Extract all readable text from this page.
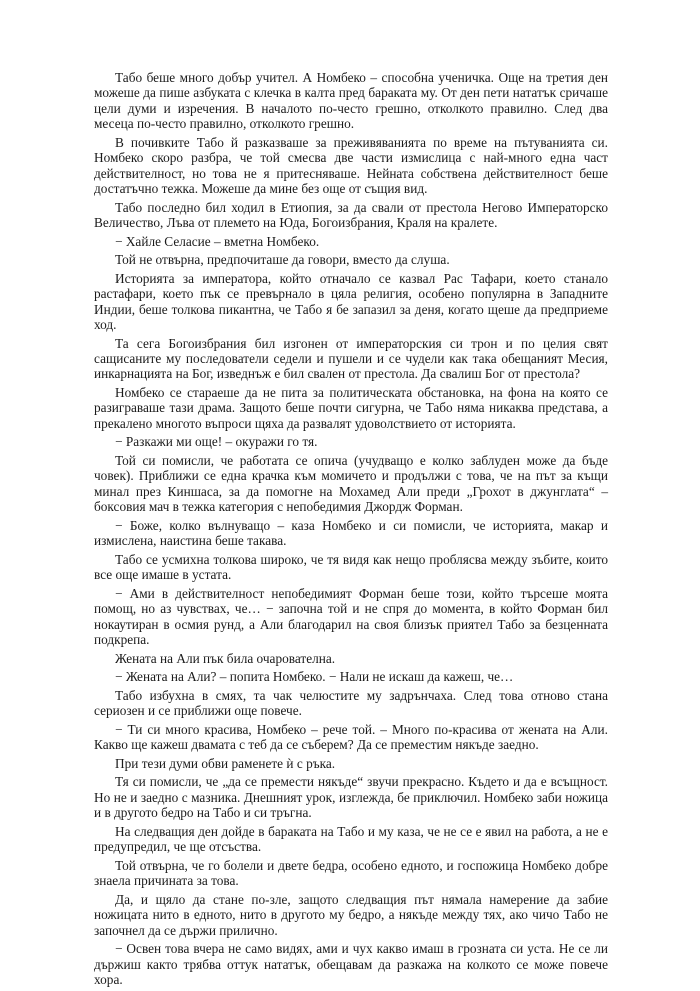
Табо беше много добър учител. А Номбеко – способна ученичка. Още на третия ден можеше да пише азбуката с клечка в калта пред бараката му. От ден пети нататък сричаше цели думи и изречения. В началото по-често грешно, отколкото правилно. След два месеца по-често правилно, отколкото грешно.

В почивките Табо й разказваше за преживяванията по време на пътуванията си. Номбеко скоро разбра, че той смесва две части измислица с най-много една част действителност, но това не я притесняваше. Нейната собствена действителност беше достатъчно тежка. Можеше да мине без още от същия вид.

Табо последно бил ходил в Етиопия, за да свали от престола Негово Императорско Величество, Лъва от племето на Юда, Богоизбрания, Краля на кралете.

− Хайле Селасие – вметна Номбеко.

Той не отвърна, предпочиташе да говори, вместо да слуша.

Историята за императора, който отначало се казвал Рас Тафари, което станало растафари, което пък се превърнало в цяла религия, особено популярна в Западните Индии, беше толкова пикантна, че Табо я бе запазил за деня, когато щеше да предприеме ход.

Та сега Богоизбрания бил изгонен от императорския си трон и по целия свят сащисаните му последователи седели и пушели и се чудели как така обещаният Месия, инкарнацията на Бог, изведнъж е бил свален от престола. Да свалиш Бог от престола?

Номбеко се стараеше да не пита за политическата обстановка, на фона на която се разиграваше тази драма. Защото беше почти сигурна, че Табо няма никаква представа, а прекалено многото въпроси щяха да развалят удоволствието от историята.

− Разкажи ми още! – окуражи го тя.

Той си помисли, че работата се опича (учудващо е колко заблуден може да бъде човек). Приближи се една крачка към момичето и продължи с това, че на път за къщи минал през Киншаса, за да помогне на Мохамед Али преди „Грохот в джунглата“ – боксовия мач в тежка категория с непобедимия Джордж Форман.

− Боже, колко вълнуващо – каза Номбеко и си помисли, че историята, макар и измислена, наистина беше такава.

Табо се усмихна толкова широко, че тя видя как нещо проблясва между зъбите, които все още имаше в устата.

− Ами в действителност непобедимият Форман беше този, който търсеше моята помощ, но аз чувствах, че… − започна той и не спря до момента, в който Форман бил нокаутиран в осмия рунд, а Али благодарил на своя близък приятел Табо за безценната подкрепа.

Жената на Али пък била очарователна.

− Жената на Али? – попита Номбеко. − Нали не искаш да кажеш, че…

Табо избухна в смях, та чак челюстите му задрънчаха. След това отново стана сериозен и се приближи още повече.

− Ти си много красива, Номбеко – рече той. – Много по-красива от жената на Али. Какво ще кажеш двамата с теб да се съберем? Да се преместим някъде заедно.

При тези думи обви раменете ѝ с ръка.

Тя си помисли, че „да се премести някъде“ звучи прекрасно. Където и да е всъщност. Но не и заедно с мазника. Днешният урок, изглежда, бе приключил. Номбеко заби ножица и в другото бедро на Табо и си тръгна.

На следващия ден дойде в бараката на Табо и му каза, че не се е явил на работа, а не е предупредил, че ще отсъства.

Той отвърна, че го болели и двете бедра, особено едното, и госпожица Номбеко добре знаела причината за това.

Да, и щяло да стане по-зле, защото следващия път нямала намерение да забие ножицата нито в едното, нито в другото му бедро, а някъде между тях, ако чичо Табо не започнел да се държи прилично.

− Освен това вчера не само видях, ами и чух какво имаш в грозната си уста. Не се ли държиш както трябва оттук нататък, обещавам да разкажа на колкото се може повече хора.
